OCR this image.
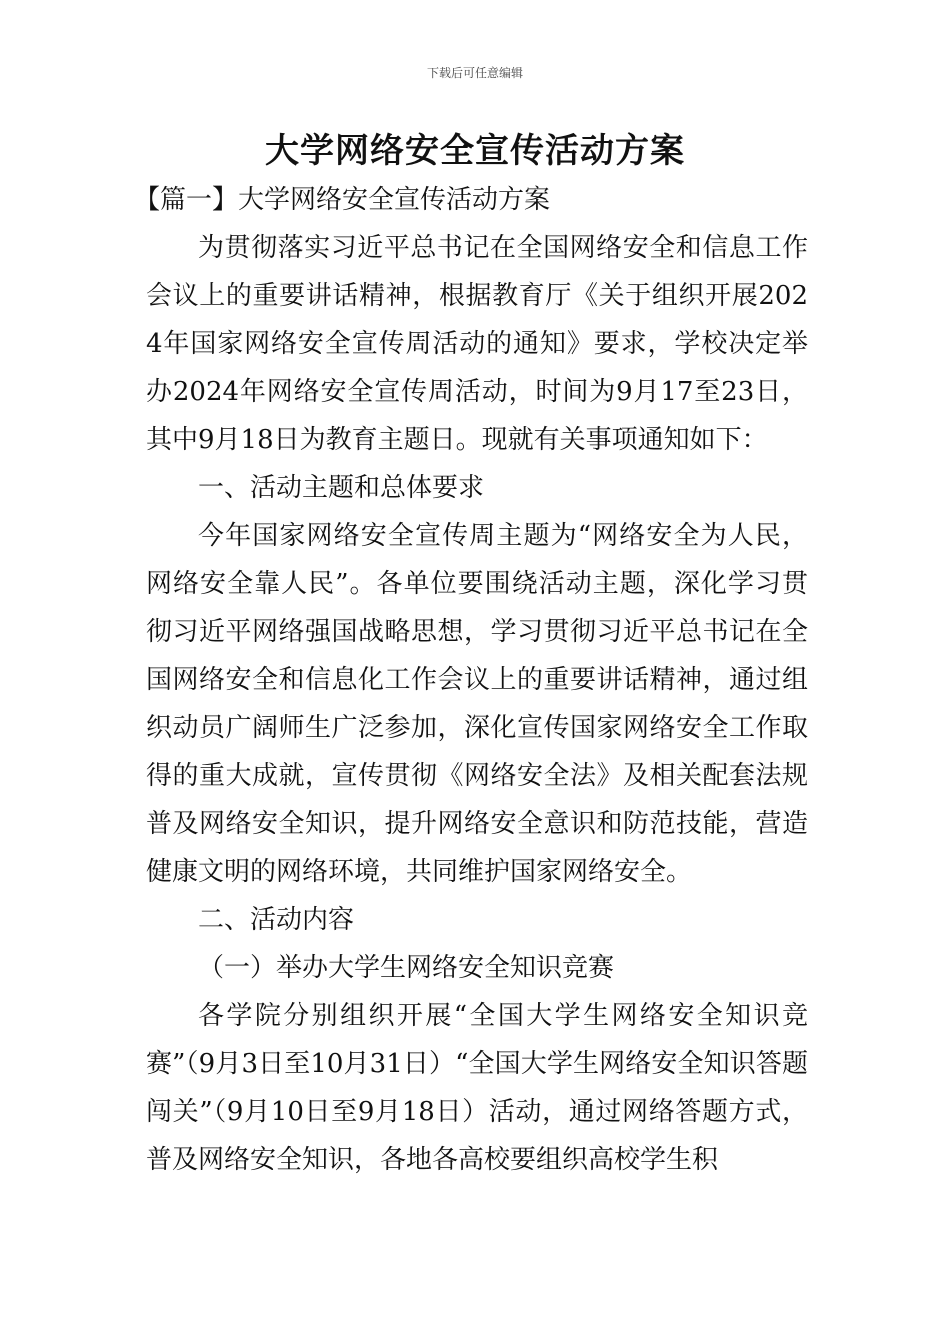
下载后可任意编辑
大学网络安全宣传活动方案

【篇一】大学网络安全宣传活动方案

为贯彻落实习近平总书记在全国网络安全和信息工作会议上的重要讲话精神，根据教育厅《关于组织开展2024年国家网络安全宣传周活动的通知》要求，学校决定举办2024年网络安全宣传周活动，时间为9月17至23日，其中9月18日为教育主题日。现就有关事项通知如下：

一、活动主题和总体要求

今年国家网络安全宣传周主题为“网络安全为人民，网络安全靠人民”。各单位要围绕活动主题，深化学习贯彻习近平网络强国战略思想，学习贯彻习近平总书记在全国网络安全和信息化工作会议上的重要讲话精神，通过组织动员广阔师生广泛参加，深化宣传国家网络安全工作取得的重大成就，宣传贯彻《网络安全法》及相关配套法规普及网络安全知识，提升网络安全意识和防范技能，营造健康文明的网络环境，共同维护国家网络安全。

二、活动内容

（一）举办大学生网络安全知识竞赛

各学院分别组织开展“全国大学生网络安全知识竞赛”（9月3日至10月31日）“全国大学生网络安全知识答题闯关”（9月10日至9月18日）活动，通过网络答题方式，普及网络安全知识，各地各高校要组织高校学生积
